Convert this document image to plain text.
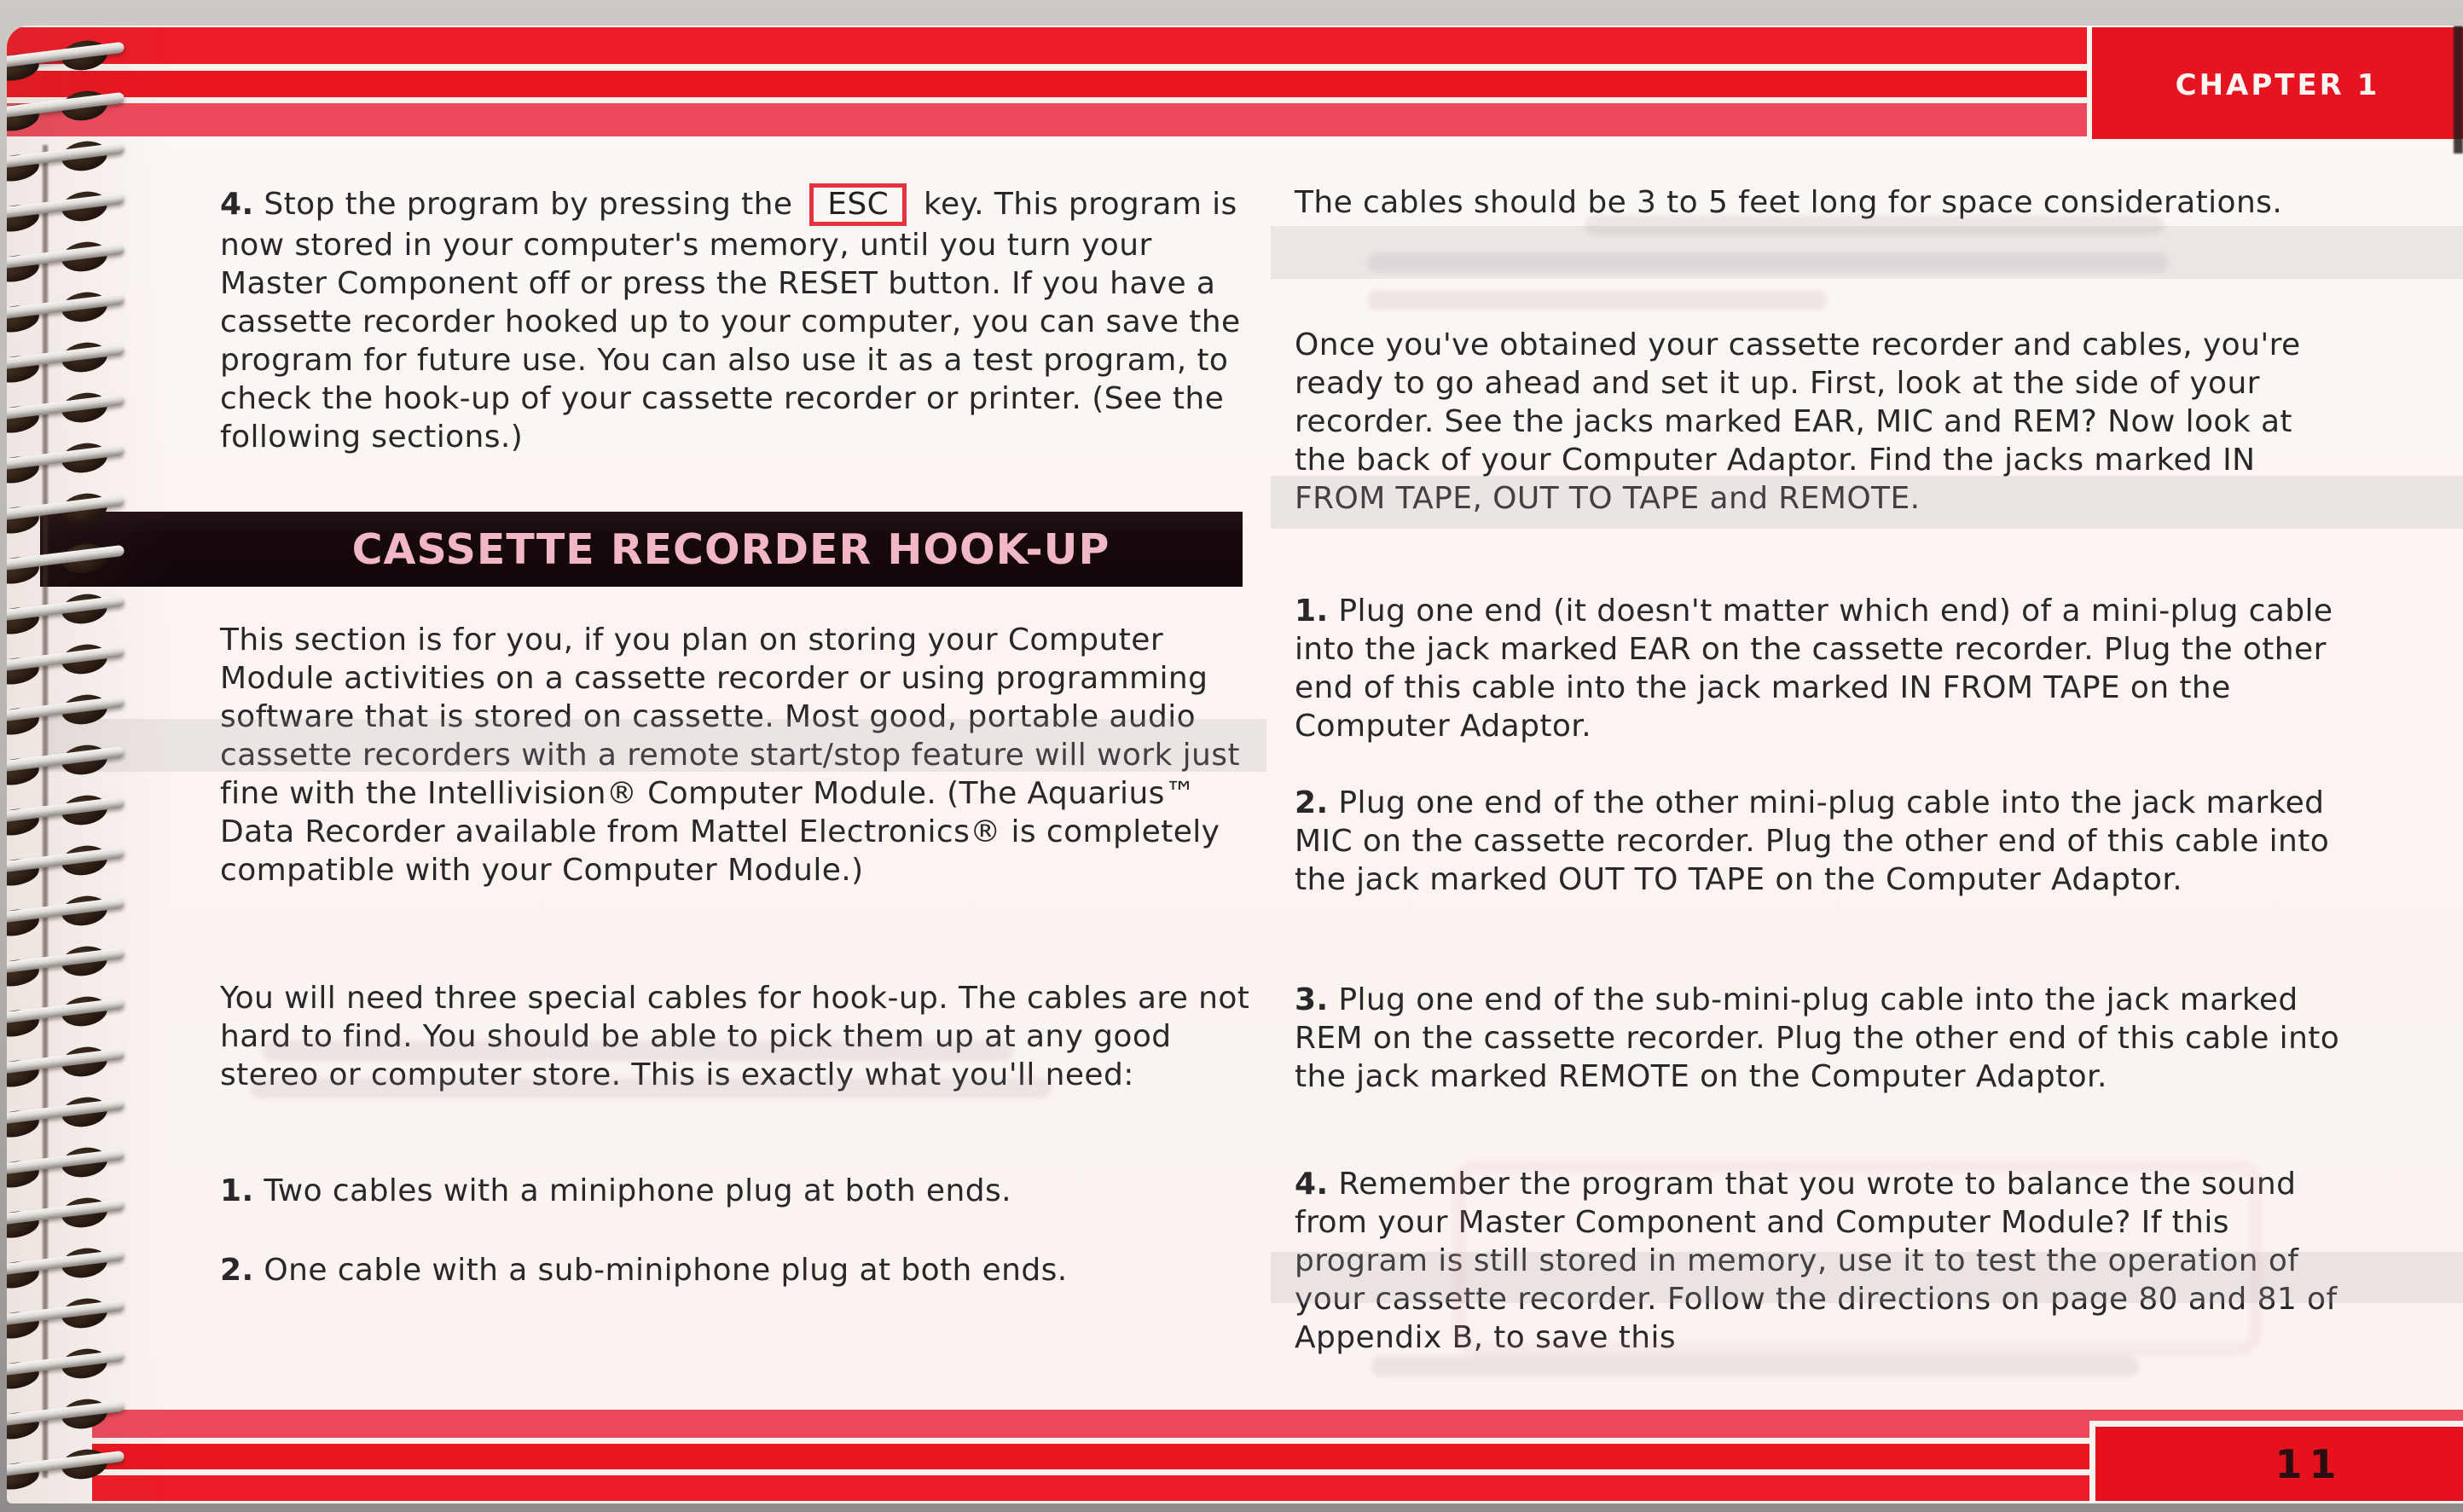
CHAPTER 1
CASSETTE RECORDER HOOK-UP
4. Stop the program by pressing the ESC key. This program is now stored in your computer's memory, until you turn your Master Component off or press the RESET button. If you have a cassette recorder hooked up to your computer, you can save the program for future use. You can also use it as a test program, to check the hook-up of your cassette recorder or printer. (See the following sections.)
This section is for you, if you plan on storing your Computer Module activities on a cassette recorder or using programming software that is stored on cassette. Most good, portable audio cassette recorders with a remote start/stop feature will work just fine with the Intellivision® Computer Module. (The Aquarius™ Data Recorder available from Mattel Electronics® is completely compatible with your Computer Module.)
You will need three special cables for hook-up. The cables are not hard to find. You should be able to pick them up at any good stereo or computer store. This is exactly what you'll need:
1. Two cables with a miniphone plug at both ends.
2. One cable with a sub-miniphone plug at both ends.
The cables should be 3 to 5 feet long for space considerations.
Once you've obtained your cassette recorder and cables, you're ready to go ahead and set it up. First, look at the side of your recorder. See the jacks marked EAR, MIC and REM? Now look at the back of your Computer Adaptor. Find the jacks marked IN FROM TAPE, OUT TO TAPE and REMOTE.
1. Plug one end (it doesn't matter which end) of a mini-plug cable into the jack marked EAR on the cassette recorder. Plug the other end of this cable into the jack marked IN FROM TAPE on the Computer Adaptor.
2. Plug one end of the other mini-plug cable into the jack marked MIC on the cassette recorder. Plug the other end of this cable into the jack marked OUT TO TAPE on the Computer Adaptor.
3. Plug one end of the sub-mini-plug cable into the jack marked REM on the cassette recorder. Plug the other end of this cable into the jack marked REMOTE on the Computer Adaptor.
4. Remember the program that you wrote to balance the sound from your Master Component and Computer Module? If this program is still stored in memory, use it to test the operation of your cassette recorder. Follow the directions on page 80 and 81 of Appendix B, to save this
11
